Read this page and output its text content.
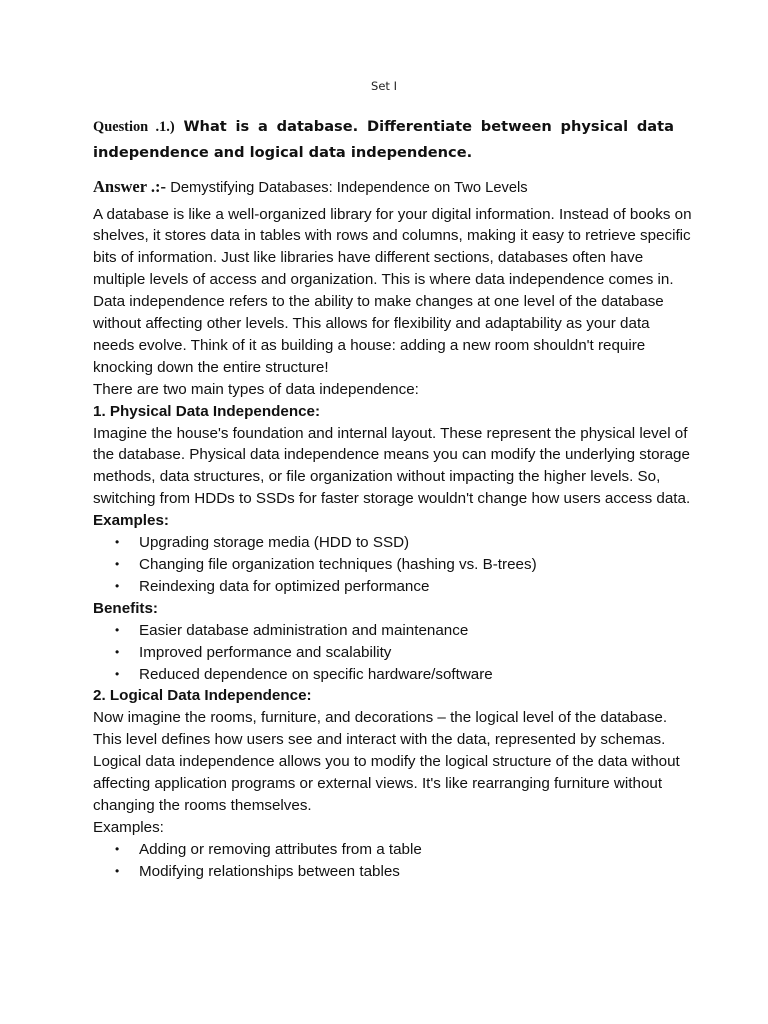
Set I
Question .1.) What is a database. Differentiate between physical data independence and logical data independence.

Answer .:- Demystifying Databases: Independence on Two Levels

A database is like a well-organized library for your digital information. Instead of books on shelves, it stores data in tables with rows and columns, making it easy to retrieve specific bits of information. Just like libraries have different sections, databases often have multiple levels of access and organization. This is where data independence comes in.

Data independence refers to the ability to make changes at one level of the database without affecting other levels. This allows for flexibility and adaptability as your data needs evolve. Think of it as building a house: adding a new room shouldn't require knocking down the entire structure!

There are two main types of data independence:

1. Physical Data Independence:

Imagine the house's foundation and internal layout. These represent the physical level of the database. Physical data independence means you can modify the underlying storage methods, data structures, or file organization without impacting the higher levels. So, switching from HDDs to SSDs for faster storage wouldn't change how users access data.

Examples:

• Upgrading storage media (HDD to SSD)
• Changing file organization techniques (hashing vs. B-trees)
• Reindexing data for optimized performance

Benefits:

• Easier database administration and maintenance
• Improved performance and scalability
• Reduced dependence on specific hardware/software

2. Logical Data Independence:

Now imagine the rooms, furniture, and decorations – the logical level of the database. This level defines how users see and interact with the data, represented by schemas. Logical data independence allows you to modify the logical structure of the data without affecting application programs or external views. It's like rearranging furniture without changing the rooms themselves.

Examples:

• Adding or removing attributes from a table
• Modifying relationships between tables
